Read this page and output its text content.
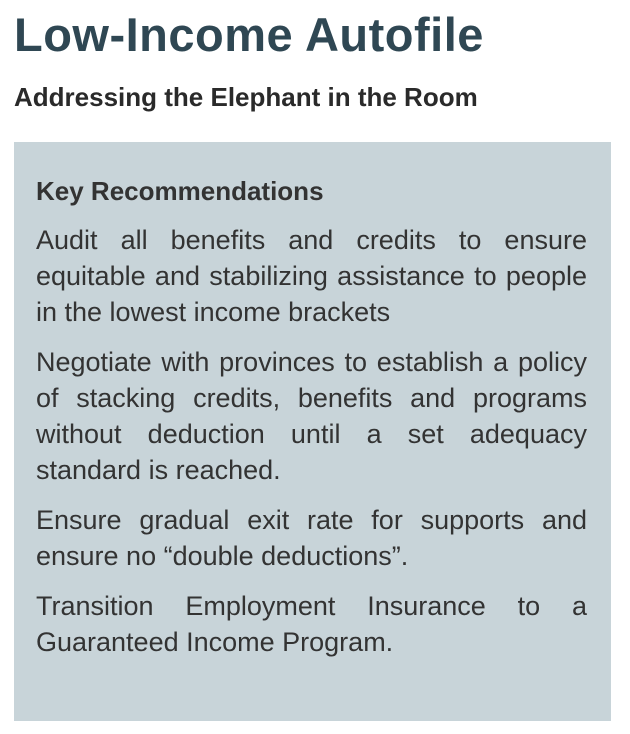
Low-Income Autofile
Addressing the Elephant in the Room
Key Recommendations
Audit all benefits and credits to ensure equitable and stabilizing assistance to people in the lowest income brackets
Negotiate with provinces to establish a policy of stacking credits, benefits and programs without deduction until a set adequacy standard is reached.
Ensure gradual exit rate for supports and ensure no “double deductions”.
Transition Employment Insurance to a Guaranteed Income Program.
